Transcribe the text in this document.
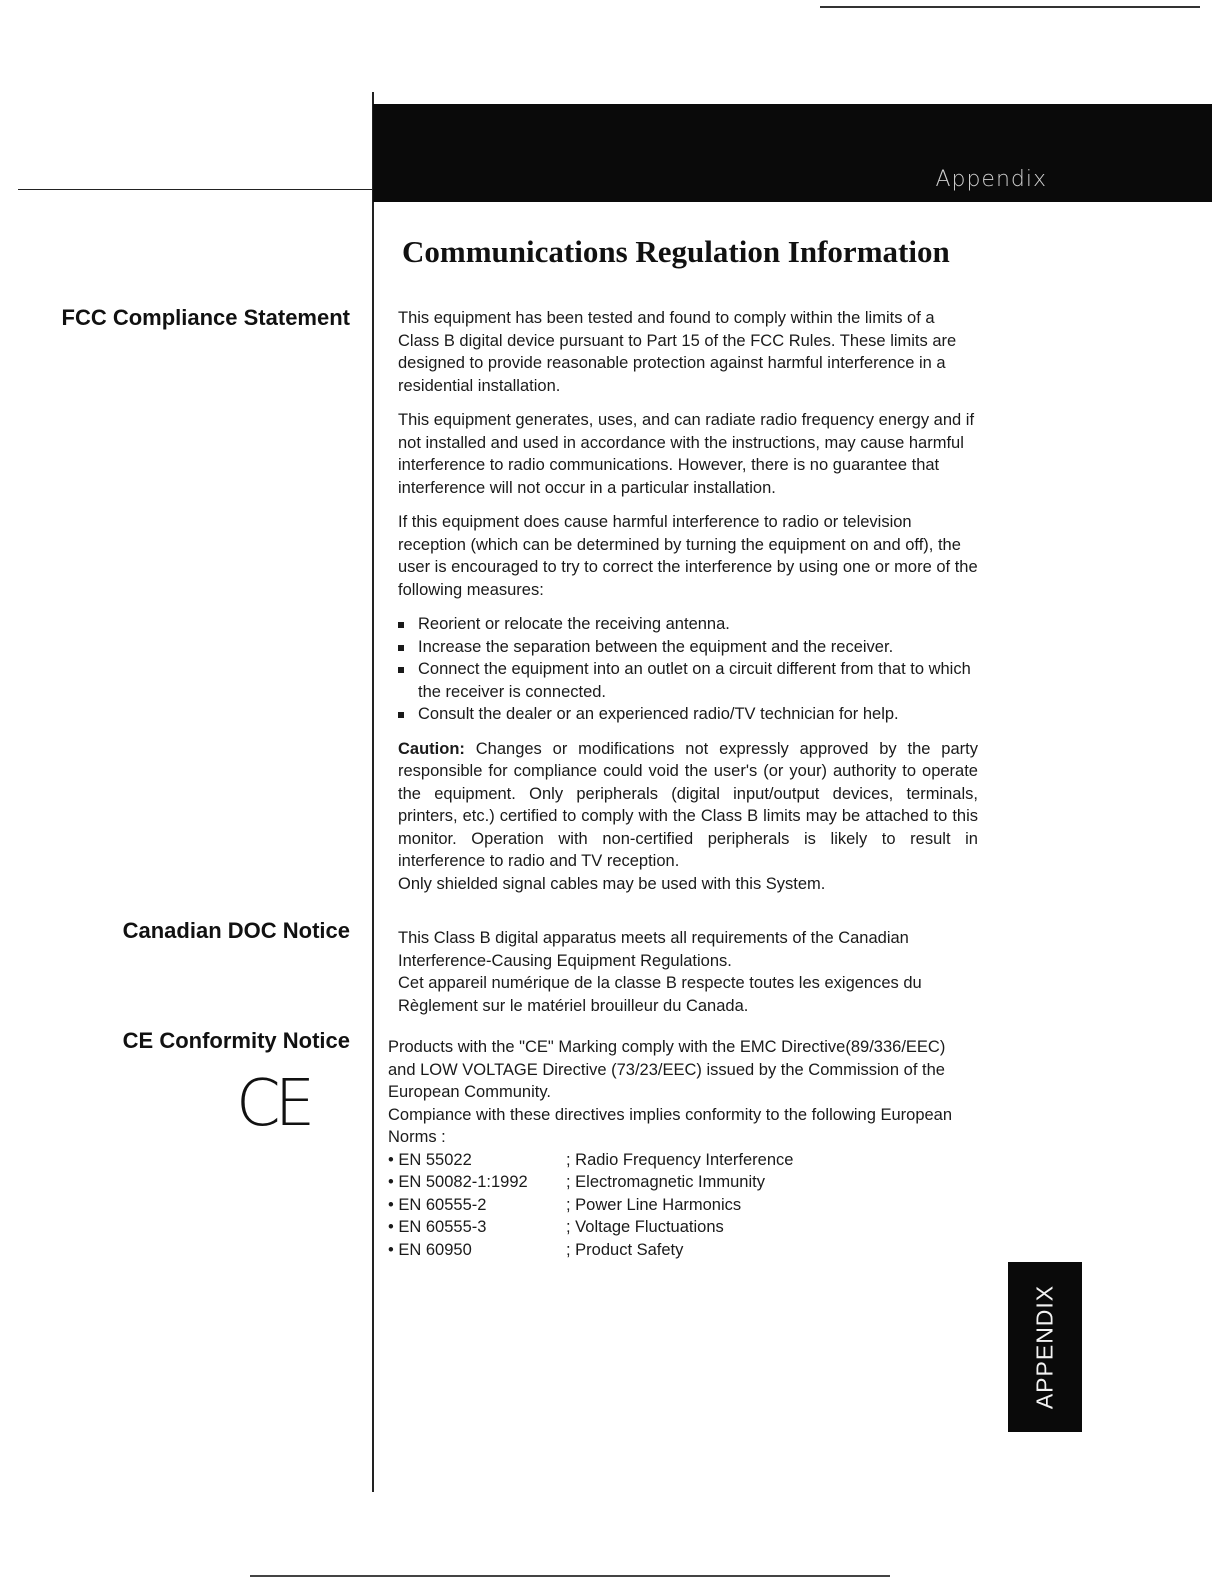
Appendix
Communications Regulation Information
FCC Compliance Statement	This equipment has been tested and found to comply within the limits of a Class B digital device pursuant to Part 15 of the FCC Rules. These limits are designed to provide reasonable protection against harmful interference in a residential installation.

This equipment generates, uses, and can radiate radio frequency energy and if not installed and used in accordance with the instructions, may cause harmful interference to radio communications. However, there is no guarantee that interference will not occur in a particular installation.

If this equipment does cause harmful interference to radio or television reception (which can be determined by turning the equipment on and off), the user is encouraged to try to correct the interference by using one or more of the following measures:

Reorient or relocate the receiving antenna.
Increase the separation between the equipment and the receiver.
Connect the equipment into an outlet on a circuit different from that to which the receiver is connected.
Consult the dealer or an experienced radio/TV technician for help.

Caution: Changes or modifications not expressly approved by the party responsible for compliance could void the user's (or your) authority to operate the equipment. Only peripherals (digital input/output devices, terminals, printers, etc.) certified to comply with the Class B limits may be attached to this monitor. Operation with non-certified peripherals is likely to result in interference to radio and TV reception.

Only shielded signal cables may be used with this System.

Canadian DOC Notice	This Class B digital apparatus meets all requirements of the Canadian Interference-Causing Equipment Regulations.

Cet appareil numérique de la classe B respecte toutes les exigences du Règlement sur le matériel brouilleur du Canada.

CE Conformity Notice
CE

Products with the "CE" Marking comply with the EMC Directive(89/336/EEC) and LOW VOLTAGE Directive (73/23/EEC) issued by the Commission of the European Community.

Compiance with these directives implies conformity to the following European Norms :

• EN 55022	; Radio Frequency Interference
• EN 50082-1:1992	; Electromagnetic Immunity
• EN 60555-2	; Power Line Harmonics
• EN 60555-3	; Voltage Fluctuations
• EN 60950	; Product Safety
APPENDIX
